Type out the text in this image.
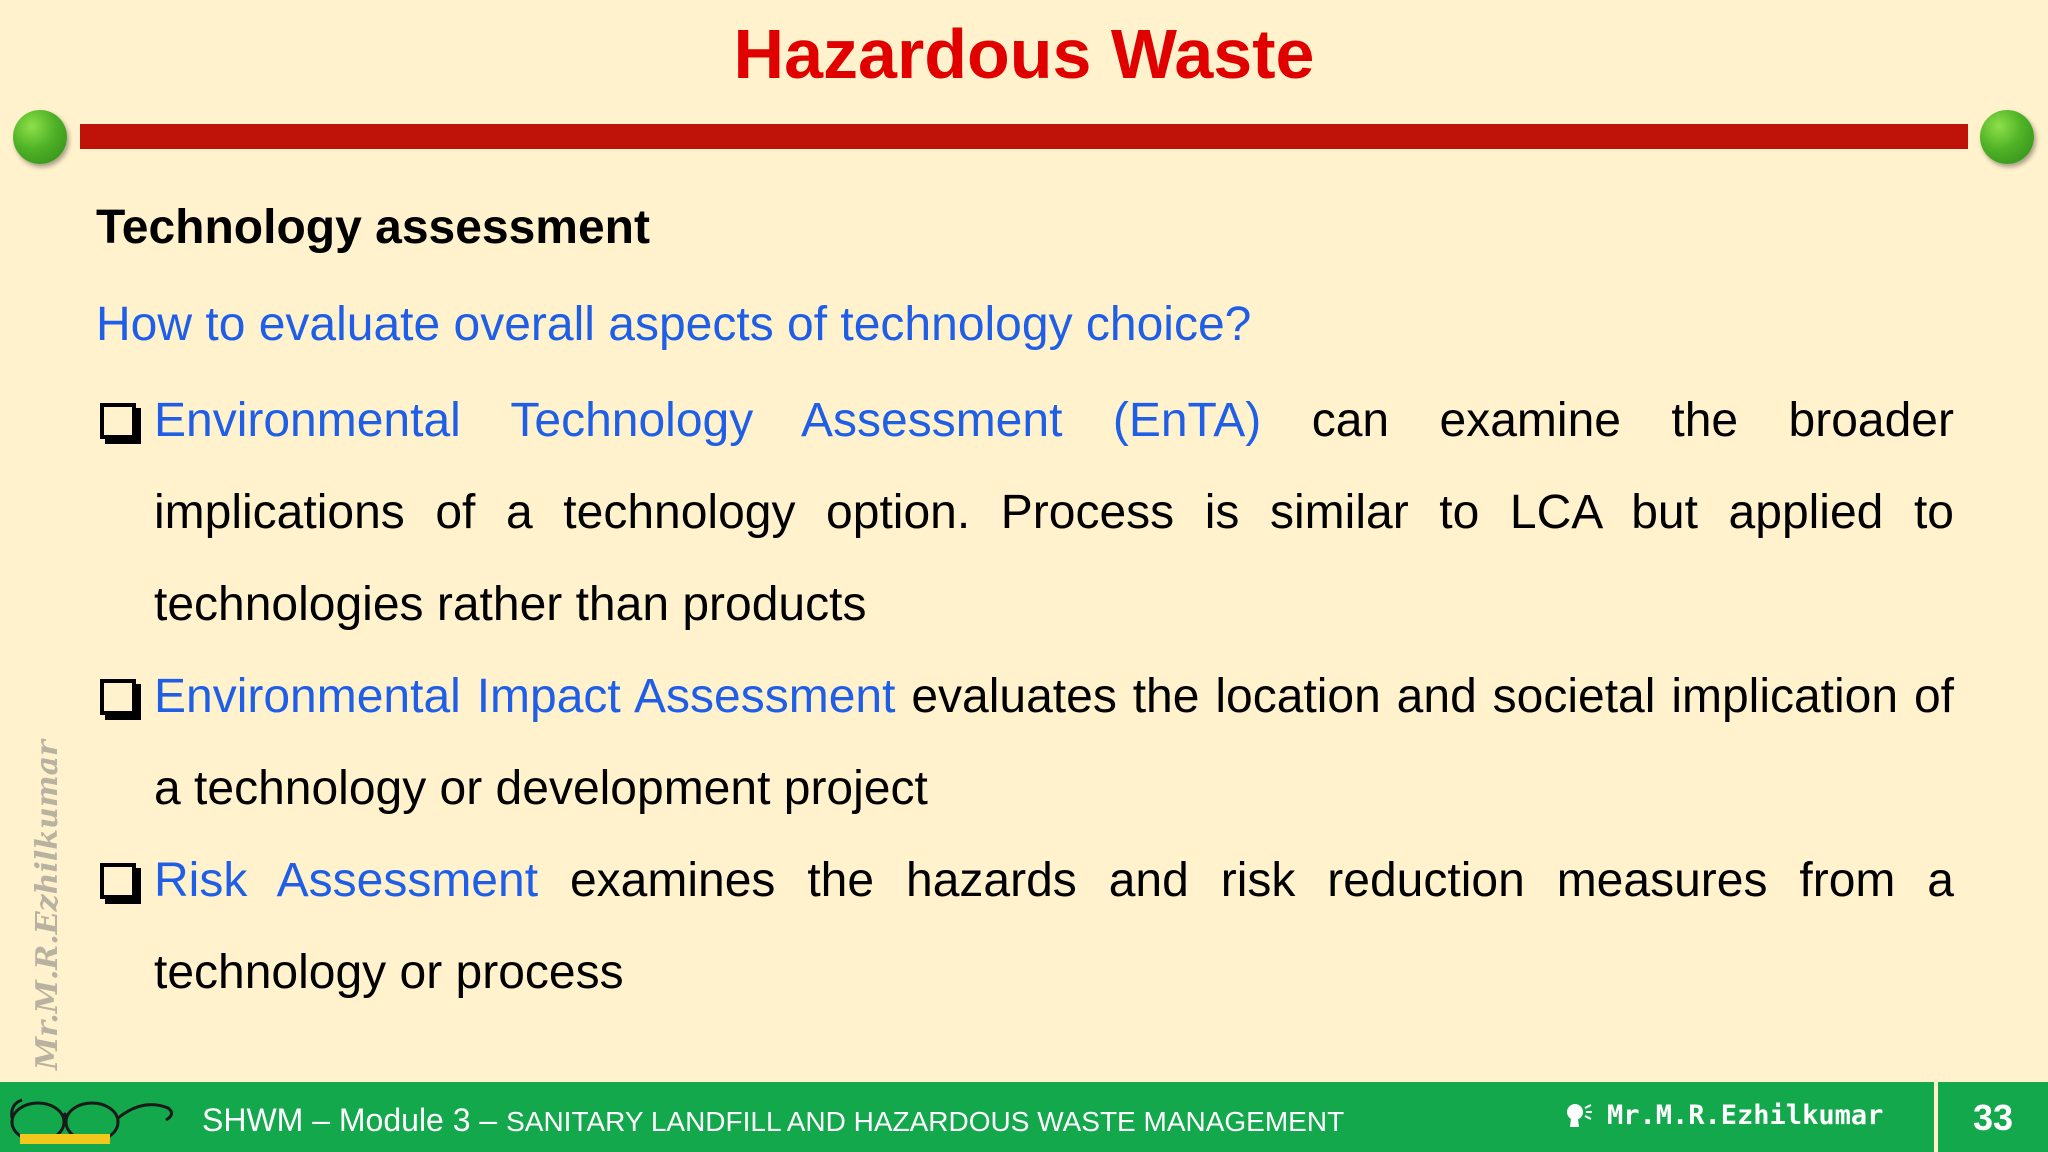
Hazardous Waste
Technology assessment
How to evaluate overall aspects of technology choice?

Environmental Technology Assessment (EnTA) can examine the broader implications of a technology option. Process is similar to LCA but applied to technologies rather than products

Environmental Impact Assessment evaluates the location and societal implication of a technology or development project

Risk Assessment examines the hazards and risk reduction measures from a technology or process

Mr.M.R.Ezhilkumar
SHWM – Module 3 – SANITARY LANDFILL AND HAZARDOUS WASTE MANAGEMENT	Mr.M.R.Ezhilkumar	33
